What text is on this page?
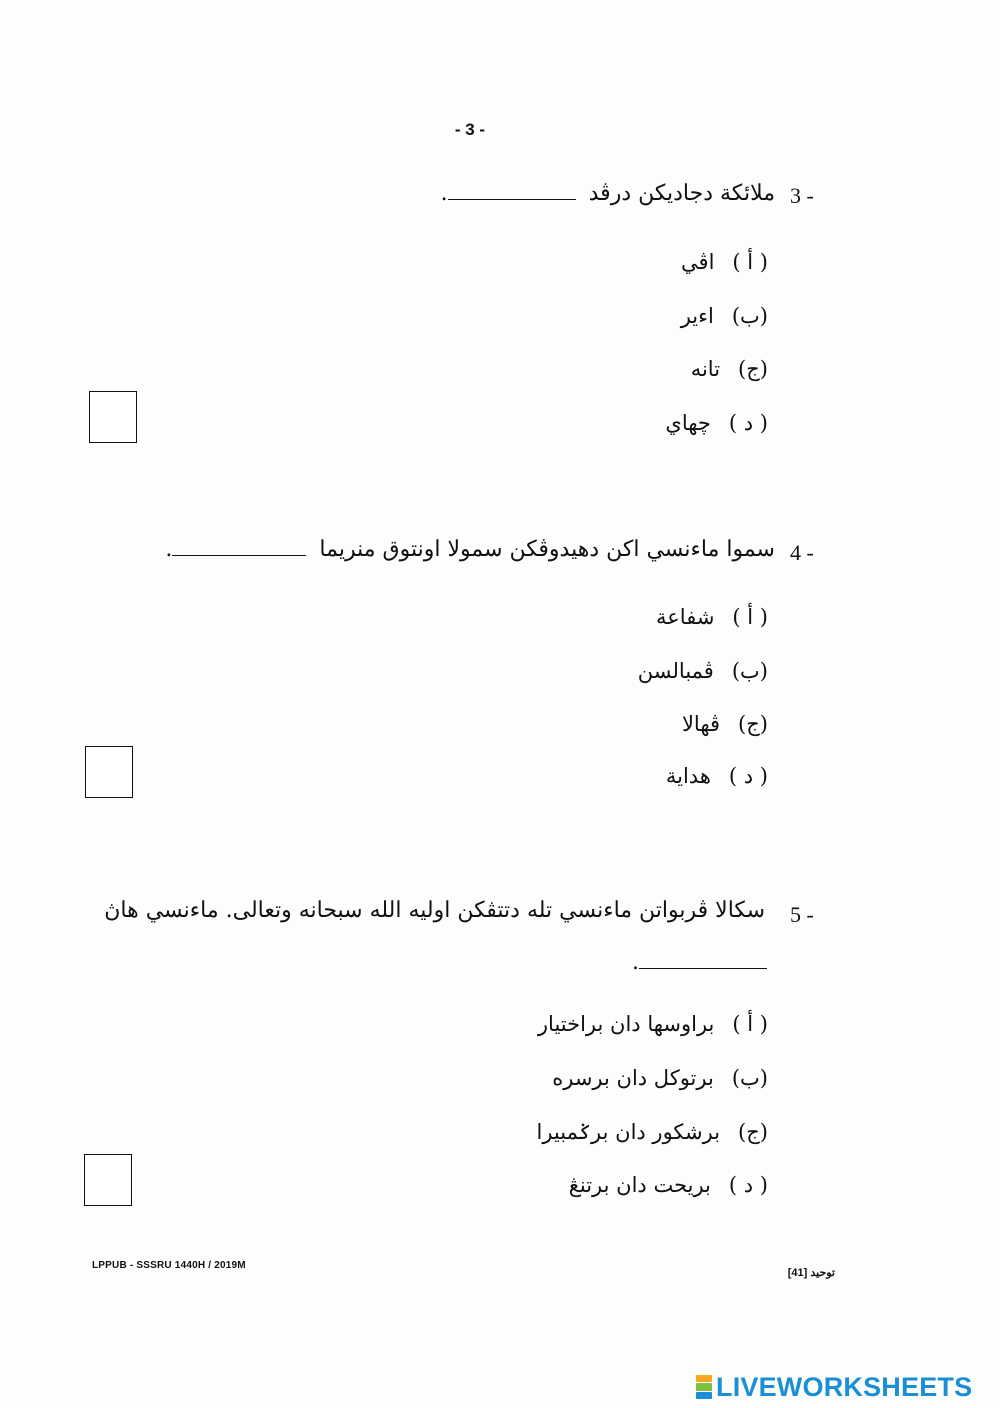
- 3 -
3 -
ملائكة دجاديكن درڤد .
( أ )اڤي
(ب)اءير
(ج)تانه
( د )چهاي
4 -
سموا ماءنسي اكن دهيدوڤكن سمولا اونتوق منريما .
( أ )شفاعة
(ب)ڤمبالسن
(ج)ڤهالا
( د )هداية
5 -
سکالا ڤربواتن ماءنسي تله دتتڤکن اوليه الله سبحانه وتعالى. ماءنسي هاڽ
.
( أ )براوسها دان براختيار
(ب)برتوکل دان برسره
(ج)برشكور دان برݢمبيرا
( د )بريحت دان برتنڠ
LPPUB - SSSRU 1440H / 2019M
توحيد [41]
LIVEWORKSHEETS
